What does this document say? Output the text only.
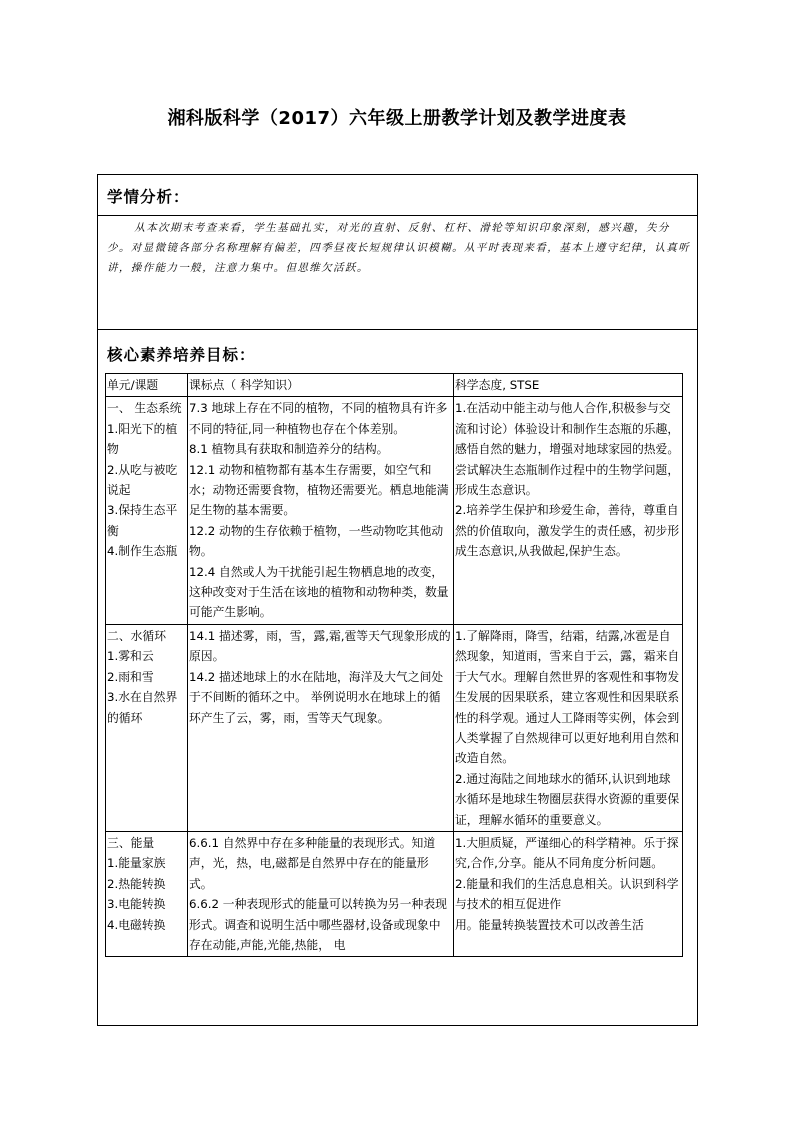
湘科版科学（2017）六年级上册教学计划及教学进度表
学情分析：
从本次期末考查来看，学生基础扎实，对光的直射、反射、杠杆、滑轮等知识印象深刻，感兴趣，失分少。对显微镜各部分名称理解有偏差，四季昼夜长短规律认识模糊。从平时表现来看，基本上遵守纪律，认真听讲，操作能力一般，注意力集中。但思维欠活跃。
核心素养培养目标：
单元/课题	课标点（ 科学知识）	科学态度, STSE

一、 生态系统
1.阳光下的植物
2.从吃与被吃说起
3.保持生态平衡
4.制作生态瓶	7.3 地球上存在不同的植物，不同的植物具有许多不同的特征,同一种植物也存在个体差别。
8.1 植物具有获取和制造养分的结构。
12.1 动物和植物都有基本生存需要，如空气和水；动物还需要食物，植物还需要光。栖息地能满足生物的基本需要。
12.2 动物的生存依赖于植物，一些动物吃其他动物。
12.4 自然或人为干扰能引起生物栖息地的改变，这种改变对于生活在该地的植物和动物种类，数量可能产生影响。	1.在活动中能主动与他人合作,积极参与交流和讨论）体验设计和制作生态瓶的乐趣，感悟自然的魅力，增强对地球家园的热爱。 尝试解决生态瓶制作过程中的生物学问题，形成生态意识。
2.培养学生保护和珍爱生命，善待，尊重自然的价值取向，激发学生的责任感，初步形成生态意识,从我做起,保护生态。

二、水循环
1.雾和云
2.雨和雪
3.水在自然界的循环	14.1 描述雾，雨，雪，露,霜,雹等天气现象形成的原因。
14.2 描述地球上的水在陆地，海洋及大气之间处于不间断的循环之中。 举例说明水在地球上的循环产生了云，雾，雨，雪等天气现象。	1.了解降雨，降雪，结霜，结露,冰雹是自然现象，知道雨，雪来自于云，露，霜来自于大气水。理解自然世界的客观性和事物发生发展的因果联系，建立客观性和因果联系性的科学观。通过人工降雨等实例，体会到人类掌握了自然规律可以更好地利用自然和改造自然。
2.通过海陆之间地球水的循环,认识到地球水循环是地球生物圈层获得水资源的重要保证，理解水循环的重要意义。

三、能量
1.能量家族
2.热能转换
3.电能转换
4.电磁转换	6.6.1 自然界中存在多种能量的表现形式。知道声，光，热，电,磁都是自然界中存在的能量形式。
6.6.2 一种表现形式的能量可以转换为另一种表现形式。调查和说明生活中哪些器材,设备或现象中存在动能,声能,光能,热能， 电	1.大胆质疑，严谨细心的科学精神。乐于探究,合作,分享。能从不同角度分析问题。
2.能量和我们的生活息息相关。认识到科学与技术的相互促进作
用。能量转换装置技术可以改善生活
